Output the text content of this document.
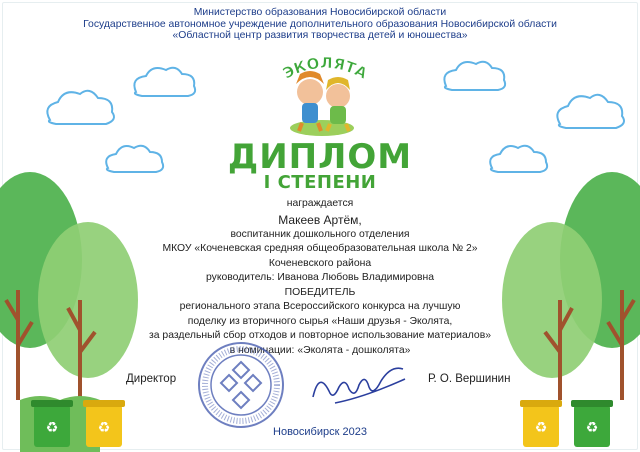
♻	♻	♻	♻
ЭКОЛЯТА
Министерство образования Новосибирской области
Государственное автономное учреждение дополнительного образования Новосибирской области
«Областной центр развития творчества детей и юношества»
ДИПЛОМ
I СТЕПЕНИ
награждается
Макеев Артём,
воспитанник дошкольного отделения
МКОУ «Коченевская средняя общеобразовательная школа № 2»
Коченевского района
руководитель: Иванова Любовь Владимировна
ПОБЕДИТЕЛЬ
регионального этапа Всероссийского конкурса на лучшую
поделку из вторичного сырья «Наши друзья - Эколята,
за раздельный сбор отходов и повторное использование материалов»
в номинации: «Эколята - дошколята»
Директор	Р. О. Вершинин
Новосибирск 2023
